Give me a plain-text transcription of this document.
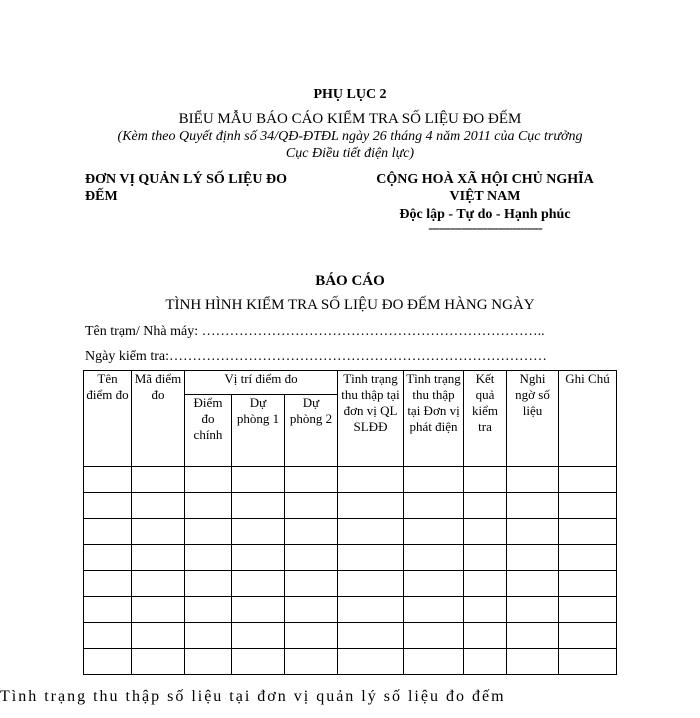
PHỤ LỤC 2
BIỂU MẪU BÁO CÁO KIỂM TRA SỐ LIỆU ĐO ĐẾM
(Kèm theo Quyết định số 34/QĐ-ĐTĐL ngày 26 tháng 4 năm 2011 của Cục trưởng
Cục Điều tiết điện lực)
ĐƠN VỊ QUẢN LÝ SỐ LIỆU ĐO
ĐẾM
CỘNG HOÀ XÃ HỘI CHỦ NGHĨA
VIỆT NAM
Độc lập - Tự do - Hạnh phúc
-------------------------------
BÁO CÁO
TÌNH HÌNH KIỂM TRA SỐ LIỆU ĐO ĐẾM HÀNG NGÀY
Tên trạm/ Nhà máy: ………………………………………………………………..
Ngày kiểm tra:………………………………………………………………………
Tên điểm đo	Mã điểm đo	Vị trí điểm đo			Tình trạng thu thập tại đơn vị QL SLĐĐ	Tình trạng thu thập tại Đơn vị phát điện	Kết quả kiểm tra	Nghi ngờ số liệu	Ghi Chú
		Điểm đo chính	Dự phòng 1	Dự phòng 2					

Tình trạng thu thập số liệu tại đơn vị quản lý số liệu đo đếm
